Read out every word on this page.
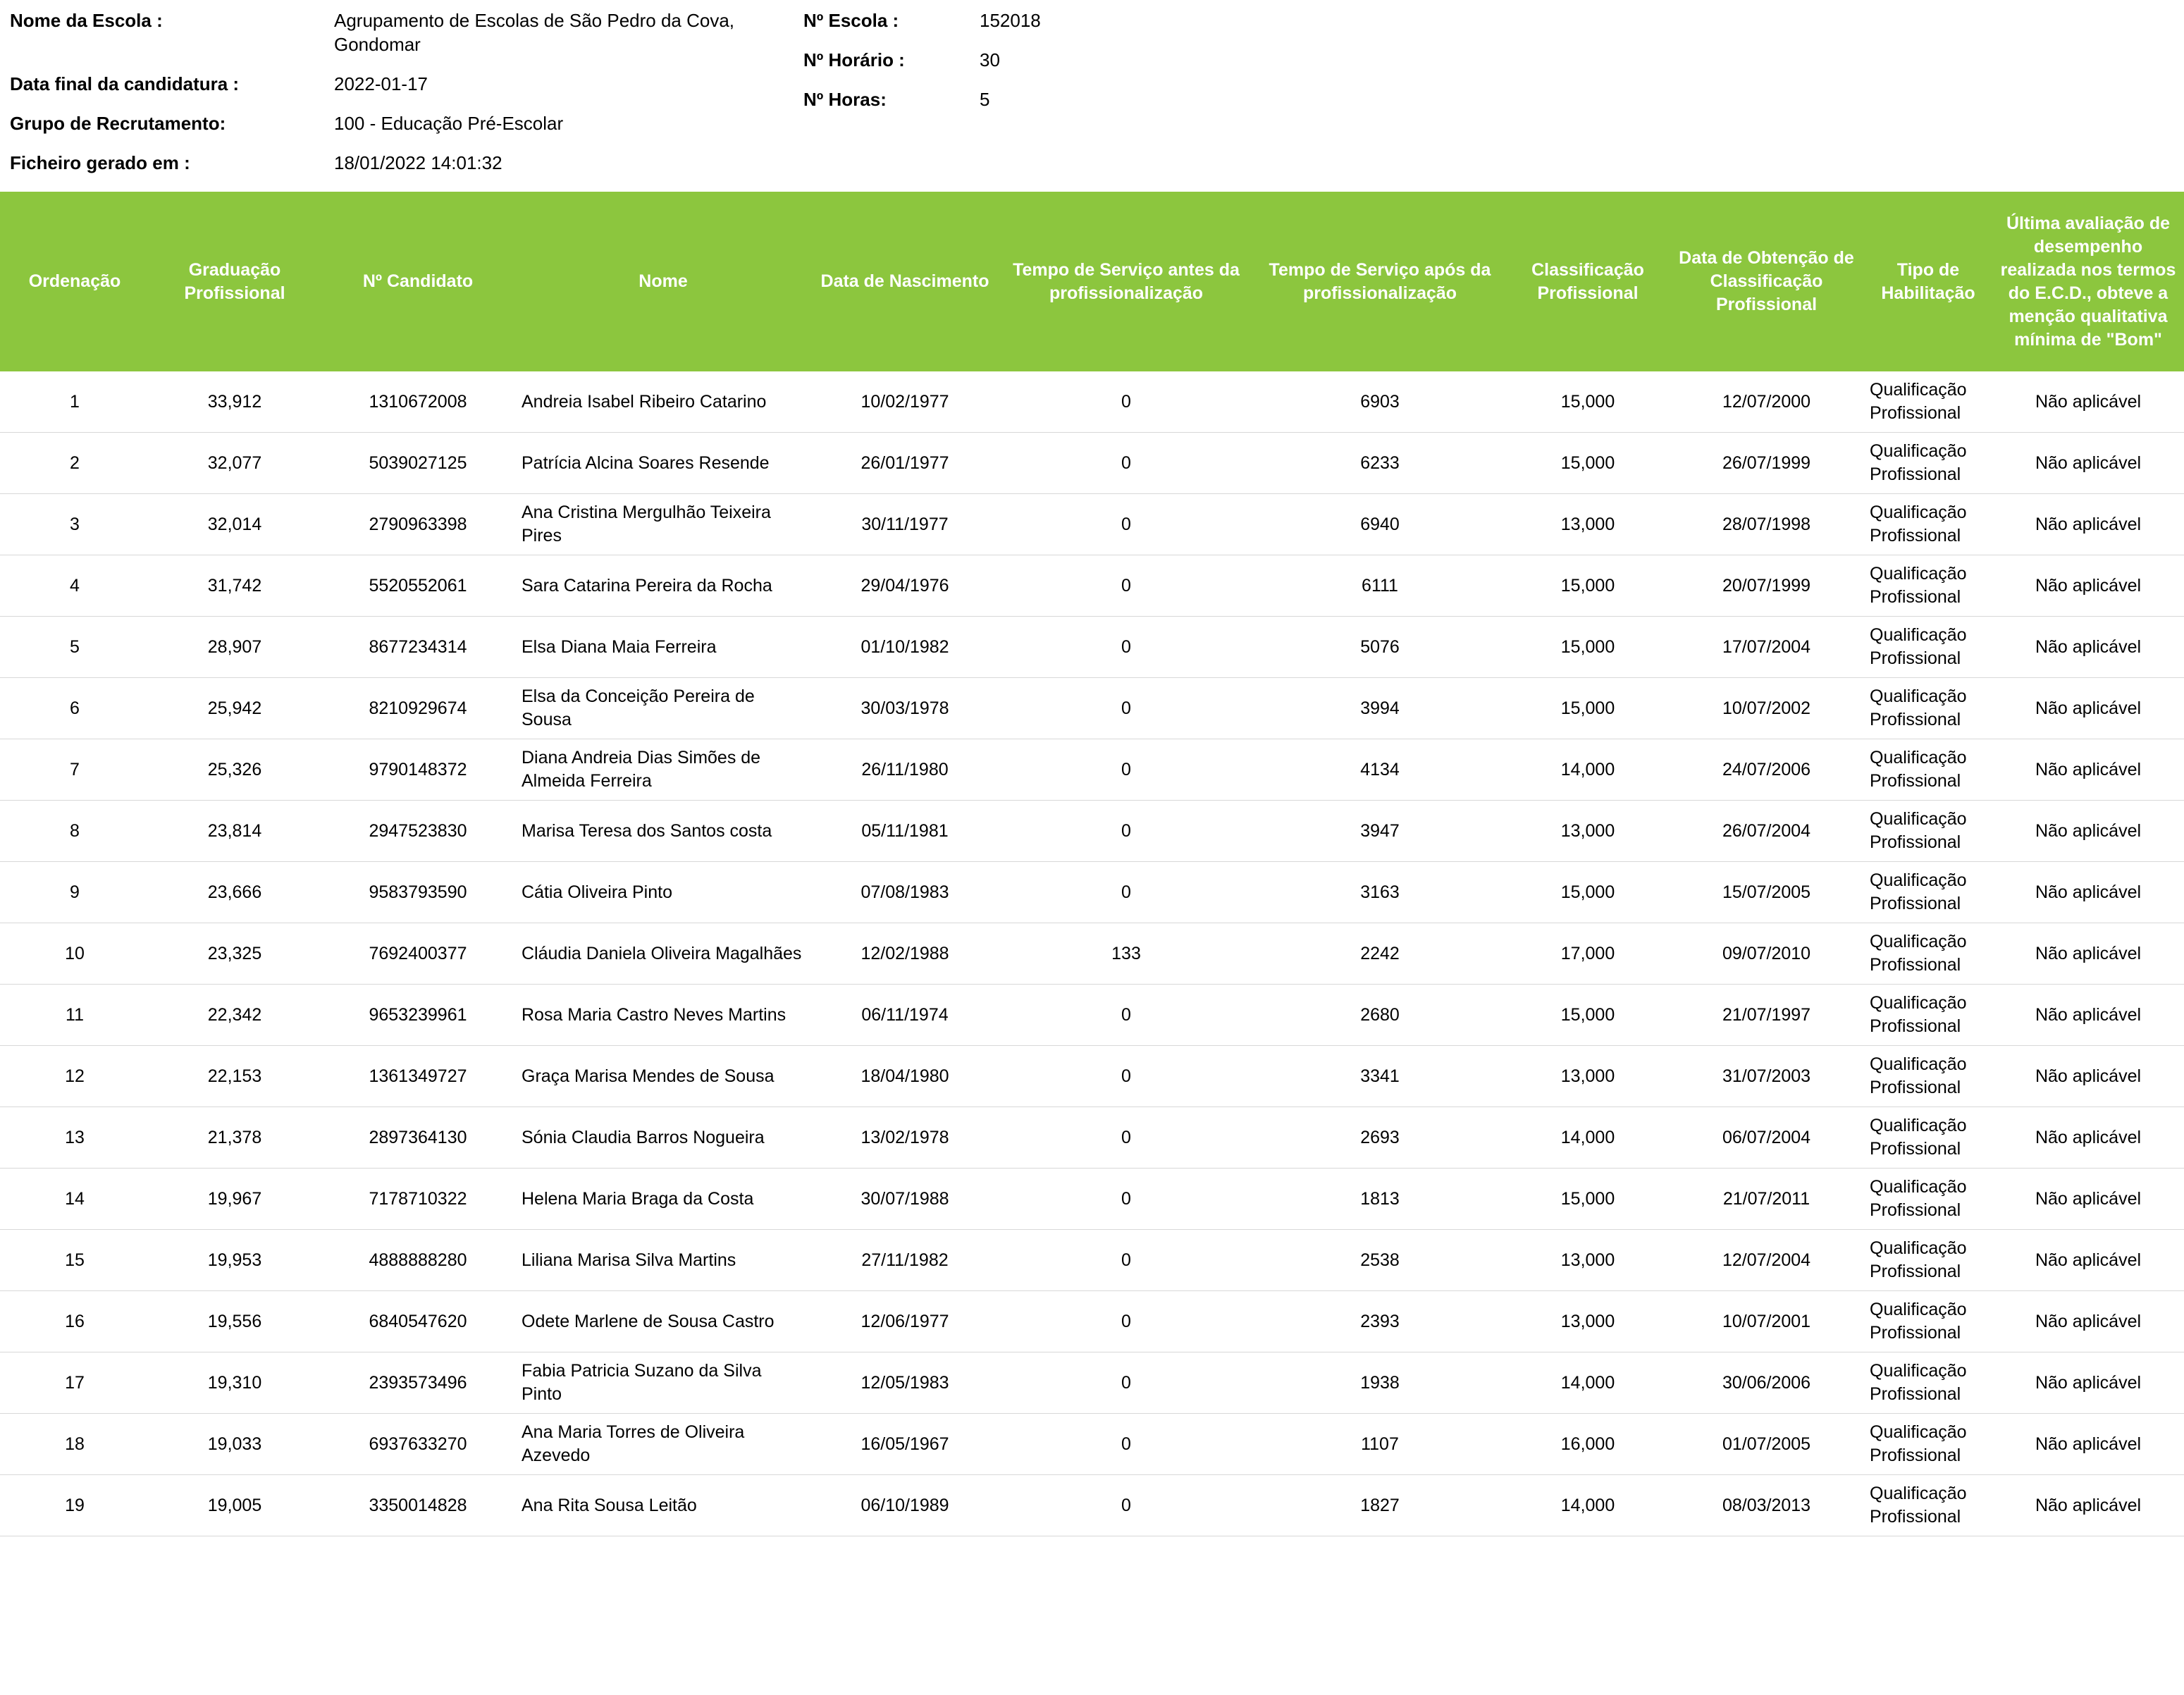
Nome da Escola :	Agrupamento de Escolas de São Pedro da Cova, Gondomar
Data final da candidatura :	2022-01-17
Grupo de Recrutamento:	100 - Educação Pré-Escolar
Ficheiro gerado em :	18/01/2022 14:01:32
Nº Escola :	152018
Nº Horário :	30
Nº Horas:	5
Ordenação	Graduação Profissional	Nº Candidato	Nome	Data de Nascimento	Tempo de Serviço antes da profissionalização	Tempo de Serviço após da profissionalização	Classificação Profissional	Data de Obtenção de Classificação Profissional	Tipo de Habilitação	Última avaliação de desempenho realizada nos termos do E.C.D., obteve a menção qualitativa mínima de "Bom"
1	33,912	1310672008	Andreia Isabel Ribeiro Catarino	10/02/1977	0	6903	15,000	12/07/2000	Qualificação Profissional	Não aplicável
2	32,077	5039027125	Patrícia Alcina Soares Resende	26/01/1977	0	6233	15,000	26/07/1999	Qualificação Profissional	Não aplicável
3	32,014	2790963398	Ana Cristina Mergulhão Teixeira Pires	30/11/1977	0	6940	13,000	28/07/1998	Qualificação Profissional	Não aplicável
4	31,742	5520552061	Sara Catarina Pereira da Rocha	29/04/1976	0	6111	15,000	20/07/1999	Qualificação Profissional	Não aplicável
5	28,907	8677234314	Elsa Diana Maia Ferreira	01/10/1982	0	5076	15,000	17/07/2004	Qualificação Profissional	Não aplicável
6	25,942	8210929674	Elsa da Conceição Pereira de Sousa	30/03/1978	0	3994	15,000	10/07/2002	Qualificação Profissional	Não aplicável
7	25,326	9790148372	Diana Andreia Dias Simões de Almeida Ferreira	26/11/1980	0	4134	14,000	24/07/2006	Qualificação Profissional	Não aplicável
8	23,814	2947523830	Marisa Teresa dos Santos costa	05/11/1981	0	3947	13,000	26/07/2004	Qualificação Profissional	Não aplicável
9	23,666	9583793590	Cátia Oliveira Pinto	07/08/1983	0	3163	15,000	15/07/2005	Qualificação Profissional	Não aplicável
10	23,325	7692400377	Cláudia Daniela Oliveira Magalhães	12/02/1988	133	2242	17,000	09/07/2010	Qualificação Profissional	Não aplicável
11	22,342	9653239961	Rosa Maria Castro Neves Martins	06/11/1974	0	2680	15,000	21/07/1997	Qualificação Profissional	Não aplicável
12	22,153	1361349727	Graça Marisa Mendes de Sousa	18/04/1980	0	3341	13,000	31/07/2003	Qualificação Profissional	Não aplicável
13	21,378	2897364130	Sónia Claudia Barros Nogueira	13/02/1978	0	2693	14,000	06/07/2004	Qualificação Profissional	Não aplicável
14	19,967	7178710322	Helena Maria Braga da Costa	30/07/1988	0	1813	15,000	21/07/2011	Qualificação Profissional	Não aplicável
15	19,953	4888888280	Liliana Marisa Silva Martins	27/11/1982	0	2538	13,000	12/07/2004	Qualificação Profissional	Não aplicável
16	19,556	6840547620	Odete Marlene de Sousa Castro	12/06/1977	0	2393	13,000	10/07/2001	Qualificação Profissional	Não aplicável
17	19,310	2393573496	Fabia Patricia Suzano da Silva Pinto	12/05/1983	0	1938	14,000	30/06/2006	Qualificação Profissional	Não aplicável
18	19,033	6937633270	Ana Maria Torres de Oliveira Azevedo	16/05/1967	0	1107	16,000	01/07/2005	Qualificação Profissional	Não aplicável
19	19,005	3350014828	Ana Rita Sousa Leitão	06/10/1989	0	1827	14,000	08/03/2013	Qualificação Profissional	Não aplicável
